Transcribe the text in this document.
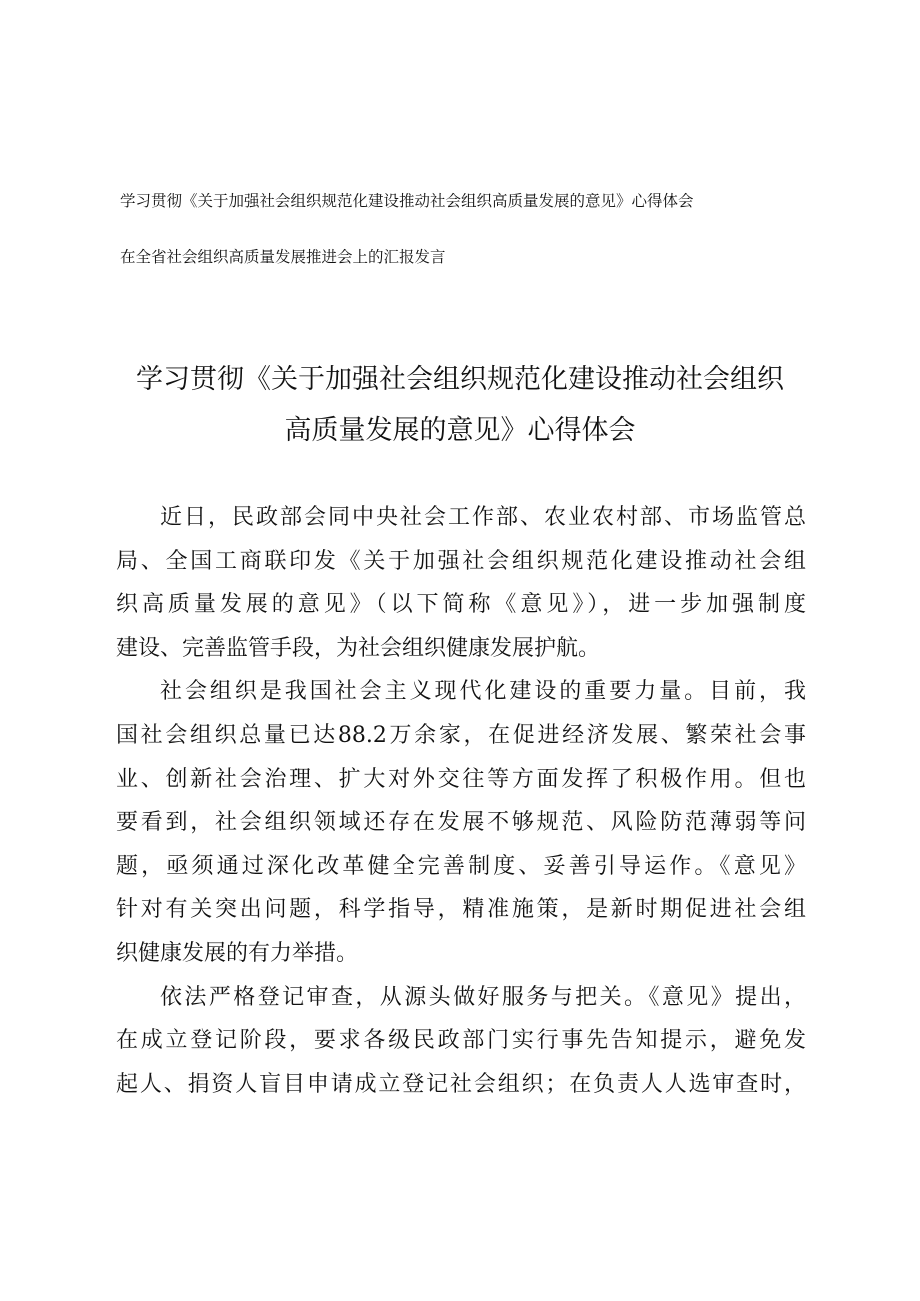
学习贯彻《关于加强社会组织规范化建设推动社会组织高质量发展的意见》心得体会
在全省社会组织高质量发展推进会上的汇报发言
学习贯彻《关于加强社会组织规范化建设推动社会组织
高质量发展的意见》心得体会

近日，民政部会同中央社会工作部、农业农村部、市场监管总
局、全国工商联印发《关于加强社会组织规范化建设推动社会组
织高质量发展的意见》（以下简称《意见》），进一步加强制度
建设、完善监管手段，为社会组织健康发展护航。

社会组织是我国社会主义现代化建设的重要力量。目前，我
国社会组织总量已达88.2万余家，在促进经济发展、繁荣社会事
业、创新社会治理、扩大对外交往等方面发挥了积极作用。但也
要看到，社会组织领域还存在发展不够规范、风险防范薄弱等问
题，亟须通过深化改革健全完善制度、妥善引导运作。《意见》
针对有关突出问题，科学指导，精准施策，是新时期促进社会组
织健康发展的有力举措。

依法严格登记审查，从源头做好服务与把关。《意见》提出，
在成立登记阶段，要求各级民政部门实行事先告知提示，避免发
起人、捐资人盲目申请成立登记社会组织；在负责人人选审查时，
